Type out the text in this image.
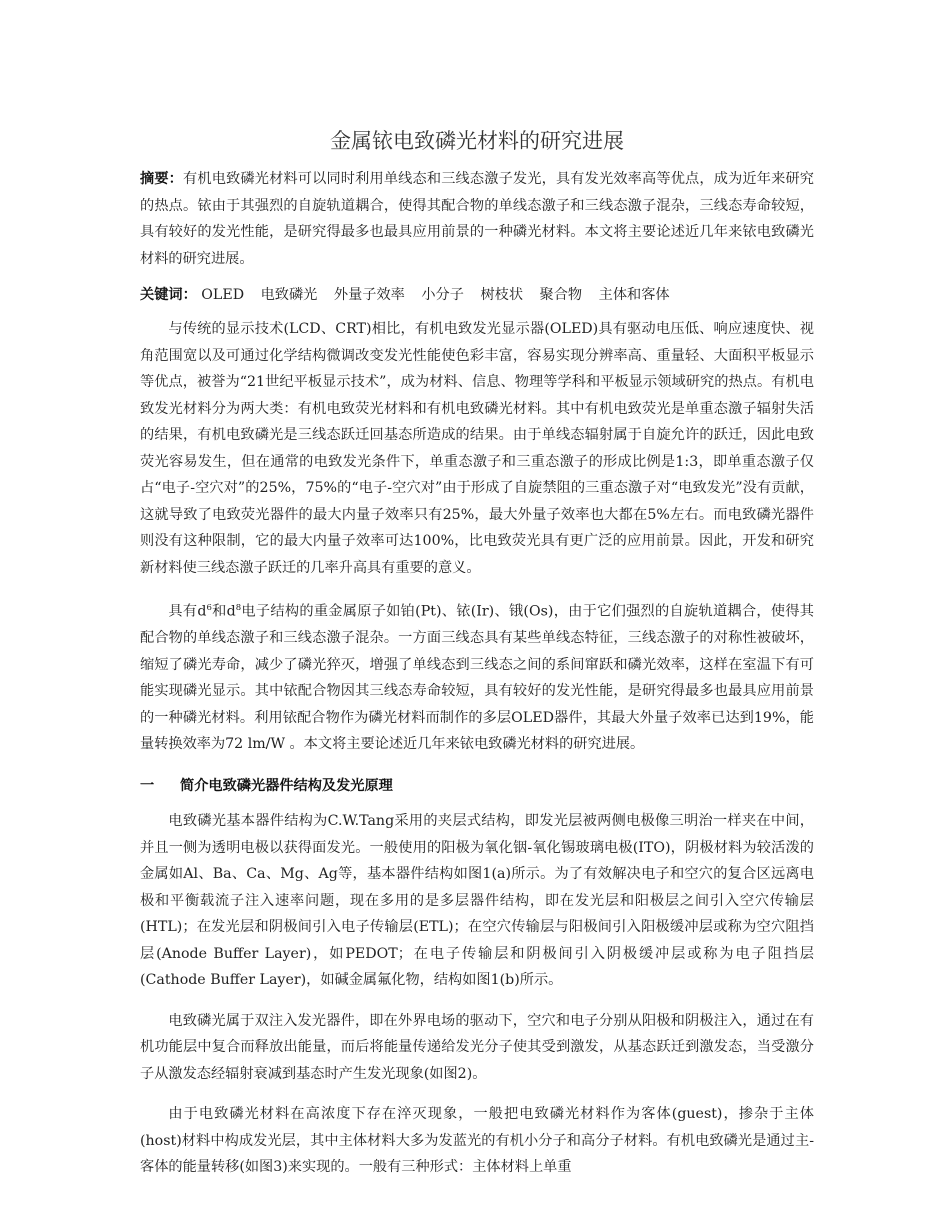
金属铱电致磷光材料的研究进展
摘要：有机电致磷光材料可以同时利用单线态和三线态激子发光，具有发光效率高等优点，成为近年来研究的热点。铱由于其强烈的自旋轨道耦合，使得其配合物的单线态激子和三线态激子混杂，三线态寿命较短，具有较好的发光性能，是研究得最多也最具应用前景的一种磷光材料。本文将主要论述近几年来铱电致磷光材料的研究进展。
关键词： OLED 电致磷光 外量子效率 小分子 树枝状 聚合物 主体和客体

与传统的显示技术(LCD、CRT)相比，有机电致发光显示器(OLED)具有驱动电压低、响应速度快、视角范围宽以及可通过化学结构微调改变发光性能使色彩丰富，容易实现分辨率高、重量轻、大面积平板显示等优点，被誉为“21世纪平板显示技术”，成为材料、信息、物理等学科和平板显示领域研究的热点。有机电致发光材料分为两大类：有机电致荧光材料和有机电致磷光材料。其中有机电致荧光是单重态激子辐射失活的结果，有机电致磷光是三线态跃迁回基态所造成的结果。由于单线态辐射属于自旋允许的跃迁，因此电致荧光容易发生，但在通常的电致发光条件下，单重态激子和三重态激子的形成比例是1:3，即单重态激子仅占“电子-空穴对”的25%，75%的“电子-空穴对”由于形成了自旋禁阻的三重态激子对“电致发光”没有贡献，这就导致了电致荧光器件的最大内量子效率只有25%，最大外量子效率也大都在5%左右。而电致磷光器件则没有这种限制，它的最大内量子效率可达100%，比电致荧光具有更广泛的应用前景。因此，开发和研究新材料使三线态激子跃迁的几率升高具有重要的意义。

具有$d^6$和$d^8$电子结构的重金属原子如铂(Pt)、铱(Ir)、锇(Os)，由于它们强烈的自旋轨道耦合，使得其配合物的单线态激子和三线态激子混杂。一方面三线态具有某些单线态特征，三线态激子的对称性被破坏，缩短了磷光寿命，减少了磷光猝灭，增强了单线态到三线态之间的系间窜跃和磷光效率，这样在室温下有可能实现磷光显示。其中铱配合物因其三线态寿命较短，具有较好的发光性能，是研究得最多也最具应用前景的一种磷光材料。利用铱配合物作为磷光材料而制作的多层OLED器件，其最大外量子效率已达到19%，能量转换效率为72 lm/W 。本文将主要论述近几年来铱电致磷光材料的研究进展。

一 简介电致磷光器件结构及发光原理

电致磷光基本器件结构为C.W.Tang采用的夹层式结构，即发光层被两侧电极像三明治一样夹在中间，并且一侧为透明电极以获得面发光。一般使用的阳极为氧化铟-氧化锡玻璃电极(ITO)，阴极材料为较活泼的金属如Al、Ba、Ca、Mg、Ag等，基本器件结构如图1(a)所示。为了有效解决电子和空穴的复合区远离电极和平衡载流子注入速率问题，现在多用的是多层器件结构，即在发光层和阳极层之间引入空穴传输层(HTL)；在发光层和阴极间引入电子传输层(ETL)；在空穴传输层与阳极间引入阳极缓冲层或称为空穴阻挡层(Anode Buffer Layer)，如PEDOT；在电子传输层和阴极间引入阴极缓冲层或称为电子阻挡层(Cathode Buffer Layer)，如碱金属氟化物，结构如图1(b)所示。

电致磷光属于双注入发光器件，即在外界电场的驱动下，空穴和电子分别从阳极和阴极注入，通过在有机功能层中复合而释放出能量，而后将能量传递给发光分子使其受到激发，从基态跃迁到激发态，当受激分子从激发态经辐射衰减到基态时产生发光现象(如图2)。

由于电致磷光材料在高浓度下存在淬灭现象，一般把电致磷光材料作为客体(guest)，掺杂于主体(host)材料中构成发光层，其中主体材料大多为发蓝光的有机小分子和高分子材料。有机电致磷光是通过主-客体的能量转移(如图3)来实现的。一般有三种形式：主体材料上单重
